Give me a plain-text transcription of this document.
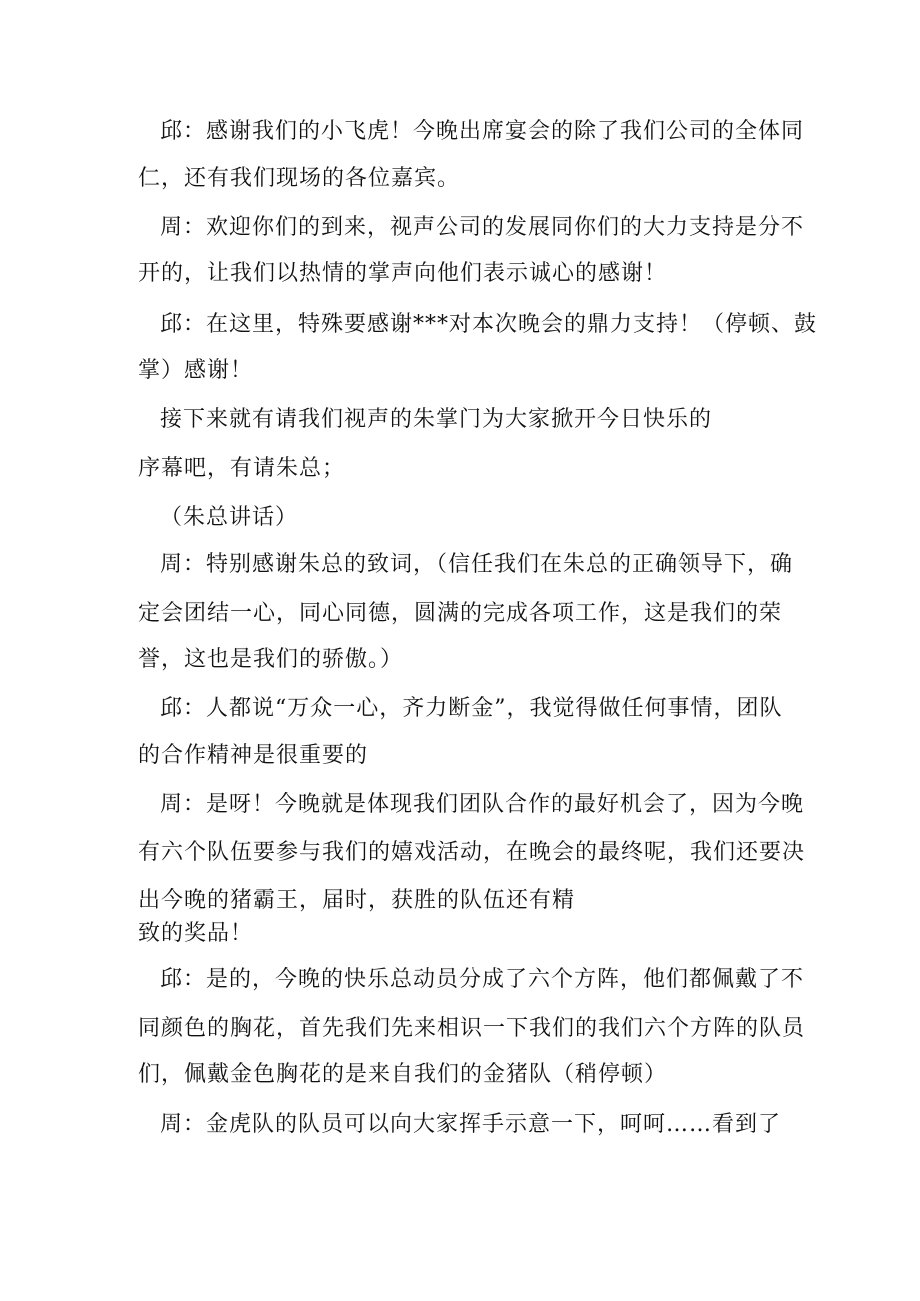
邱：感谢我们的小飞虎！今晚出席宴会的除了我们公司的全体同
仁，还有我们现场的各位嘉宾。
周：欢迎你们的到来，视声公司的发展同你们的大力支持是分不
开的，让我们以热情的掌声向他们表示诚心的感谢！
邱：在这里，特殊要感谢***对本次晚会的鼎力支持！（停顿、鼓
掌）感谢！
接下来就有请我们视声的朱掌门为大家掀开今日快乐的
序幕吧，有请朱总；
（朱总讲话）
周：特别感谢朱总的致词，（信任我们在朱总的正确领导下，确
定会团结一心，同心同德，圆满的完成各项工作，这是我们的荣
誉，这也是我们的骄傲。）
邱：人都说“万众一心，齐力断金”，我觉得做任何事情，团队
的合作精神是很重要的
周：是呀！今晚就是体现我们团队合作的最好机会了，因为今晚
有六个队伍要参与我们的嬉戏活动，在晚会的最终呢，我们还要决
出今晚的猪霸王，届时，获胜的队伍还有精
致的奖品！
邱：是的，今晚的快乐总动员分成了六个方阵，他们都佩戴了不
同颜色的胸花，首先我们先来相识一下我们的我们六个方阵的队员
们，佩戴金色胸花的是来自我们的金猪队（稍停顿）
周：金虎队的队员可以向大家挥手示意一下，呵呵……看到了
